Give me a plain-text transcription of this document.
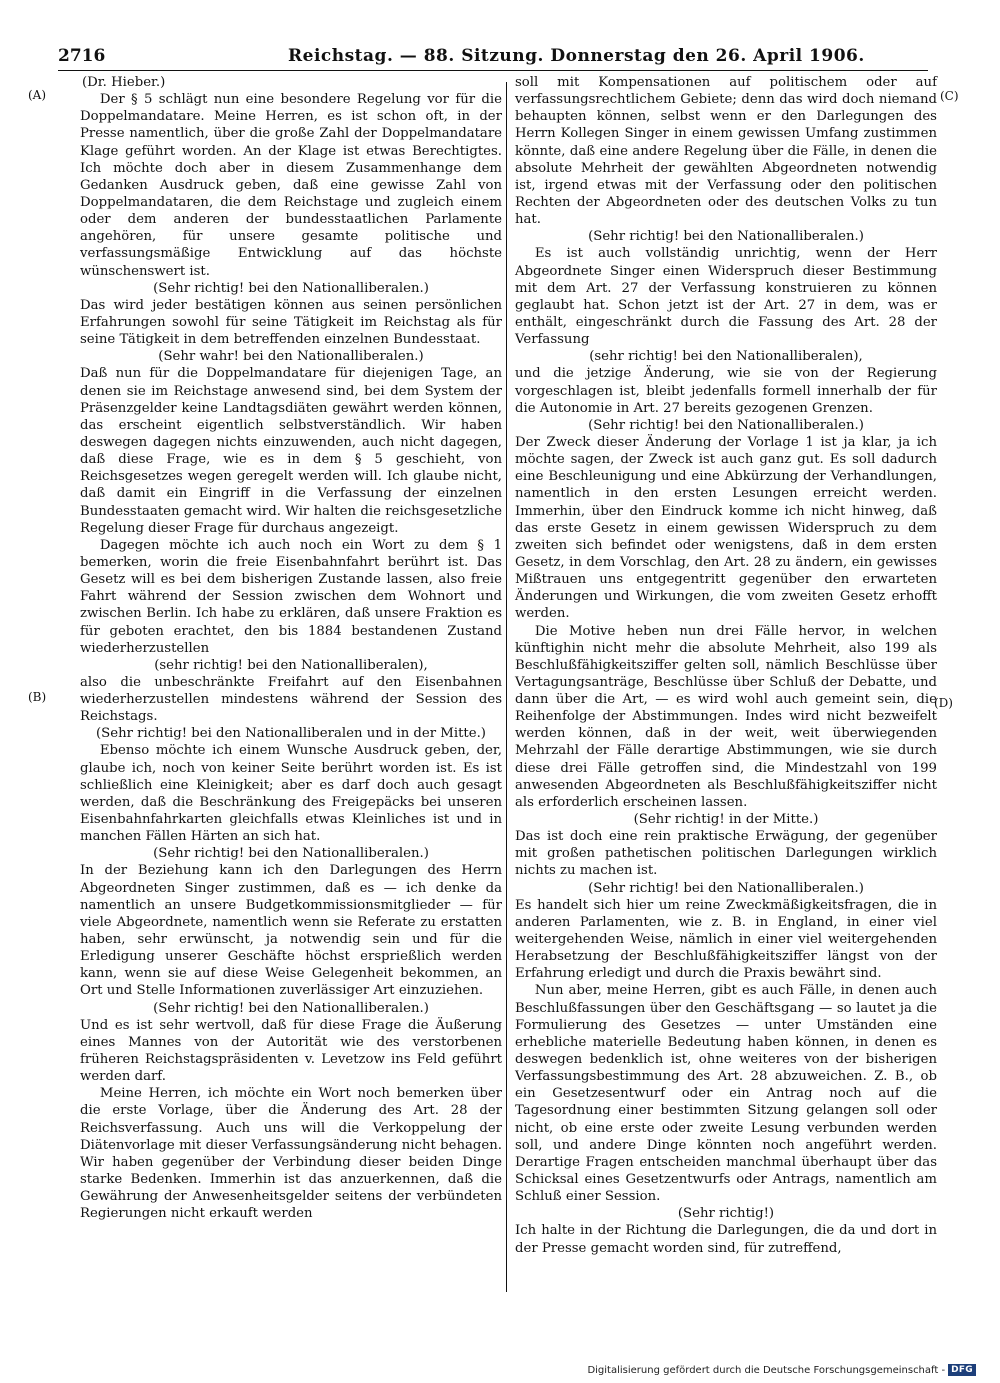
2716	Reichstag. — 88. Sitzung. Donnerstag den 26. April 1906.
(A)
(B)
(C)
(D)

(Dr. Hieber.)

Der § 5 schlägt nun eine besondere Regelung vor für die Doppelmandatare. Meine Herren, es ist schon oft, in der Presse namentlich, über die große Zahl der Doppelmandatare Klage geführt worden. An der Klage ist etwas Berechtigtes. Ich möchte doch aber in diesem Zusammenhange dem Gedanken Ausdruck geben, daß eine gewisse Zahl von Doppelmandataren, die dem Reichstage und zugleich einem oder dem anderen der bundesstaatlichen Parlamente angehören, für unsere gesamte politische und verfassungsmäßige Entwicklung auf das höchste wünschenswert ist.

(Sehr richtig! bei den Nationalliberalen.)

Das wird jeder bestätigen können aus seinen persönlichen Erfahrungen sowohl für seine Tätigkeit im Reichstag als für seine Tätigkeit in dem betreffenden einzelnen Bundesstaat.

(Sehr wahr! bei den Nationalliberalen.)

Daß nun für die Doppelmandatare für diejenigen Tage, an denen sie im Reichstage anwesend sind, bei dem System der Präsenzgelder keine Landtagsdiäten gewährt werden können, das erscheint eigentlich selbstverständlich. Wir haben deswegen dagegen nichts einzuwenden, auch nicht dagegen, daß diese Frage, wie es in dem § 5 geschieht, von Reichsgesetzes wegen geregelt werden will. Ich glaube nicht, daß damit ein Eingriff in die Verfassung der einzelnen Bundesstaaten gemacht wird. Wir halten die reichsgesetzliche Regelung dieser Frage für durchaus angezeigt.

Dagegen möchte ich auch noch ein Wort zu dem § 1 bemerken, worin die freie Eisenbahnfahrt berührt ist. Das Gesetz will es bei dem bisherigen Zustande lassen, also freie Fahrt während der Session zwischen dem Wohnort und zwischen Berlin. Ich habe zu erklären, daß unsere Fraktion es für geboten erachtet, den bis 1884 bestandenen Zustand wiederherzustellen

(sehr richtig! bei den Nationalliberalen),

also die unbeschränkte Freifahrt auf den Eisenbahnen wiederherzustellen mindestens während der Session des Reichstags.

(Sehr richtig! bei den Nationalliberalen und in der Mitte.)

Ebenso möchte ich einem Wunsche Ausdruck geben, der, glaube ich, noch von keiner Seite berührt worden ist. Es ist schließlich eine Kleinigkeit; aber es darf doch auch gesagt werden, daß die Beschränkung des Freigepäcks bei unseren Eisenbahnfahrkarten gleichfalls etwas Kleinliches ist und in manchen Fällen Härten an sich hat.

(Sehr richtig! bei den Nationalliberalen.)

In der Beziehung kann ich den Darlegungen des Herrn Abgeordneten Singer zustimmen, daß es — ich denke da namentlich an unsere Budgetkommissionsmitglieder — für viele Abgeordnete, namentlich wenn sie Referate zu erstatten haben, sehr erwünscht, ja notwendig sein und für die Erledigung unserer Geschäfte höchst ersprießlich werden kann, wenn sie auf diese Weise Gelegenheit bekommen, an Ort und Stelle Informationen zuverlässiger Art einzuziehen.

(Sehr richtig! bei den Nationalliberalen.)

Und es ist sehr wertvoll, daß für diese Frage die Äußerung eines Mannes von der Autorität wie des verstorbenen früheren Reichstagspräsidenten v. Levetzow ins Feld geführt werden darf.

Meine Herren, ich möchte ein Wort noch bemerken über die erste Vorlage, über die Änderung des Art. 28 der Reichsverfassung. Auch uns will die Verkoppelung der Diätenvorlage mit dieser Verfassungsänderung nicht behagen. Wir haben gegenüber der Verbindung dieser beiden Dinge starke Bedenken. Immerhin ist das anzuerkennen, daß die Gewährung der Anwesenheitsgelder seitens der verbündeten Regierungen nicht erkauft werden

soll mit Kompensationen auf politischem oder auf verfassungsrechtlichem Gebiete; denn das wird doch niemand behaupten können, selbst wenn er den Darlegungen des Herrn Kollegen Singer in einem gewissen Umfang zustimmen könnte, daß eine andere Regelung über die Fälle, in denen die absolute Mehrheit der gewählten Abgeordneten notwendig ist, irgend etwas mit der Verfassung oder den politischen Rechten der Abgeordneten oder des deutschen Volks zu tun hat.

(Sehr richtig! bei den Nationalliberalen.)

Es ist auch vollständig unrichtig, wenn der Herr Abgeordnete Singer einen Widerspruch dieser Bestimmung mit dem Art. 27 der Verfassung konstruieren zu können geglaubt hat. Schon jetzt ist der Art. 27 in dem, was er enthält, eingeschränkt durch die Fassung des Art. 28 der Verfassung

(sehr richtig! bei den Nationalliberalen),

und die jetzige Änderung, wie sie von der Regierung vorgeschlagen ist, bleibt jedenfalls formell innerhalb der für die Autonomie in Art. 27 bereits gezogenen Grenzen.

(Sehr richtig! bei den Nationalliberalen.)

Der Zweck dieser Änderung der Vorlage 1 ist ja klar, ja ich möchte sagen, der Zweck ist auch ganz gut. Es soll dadurch eine Beschleunigung und eine Abkürzung der Verhandlungen, namentlich in den ersten Lesungen erreicht werden. Immerhin, über den Eindruck komme ich nicht hinweg, daß das erste Gesetz in einem gewissen Widerspruch zu dem zweiten sich befindet oder wenigstens, daß in dem ersten Gesetz, in dem Vorschlag, den Art. 28 zu ändern, ein gewisses Mißtrauen uns entgegentritt gegenüber den erwarteten Änderungen und Wirkungen, die vom zweiten Gesetz erhofft werden.

Die Motive heben nun drei Fälle hervor, in welchen künftighin nicht mehr die absolute Mehrheit, also 199 als Beschlußfähigkeitsziffer gelten soll, nämlich Beschlüsse über Vertagungsanträge, Beschlüsse über Schluß der Debatte, und dann über die Art, — es wird wohl auch gemeint sein, die Reihenfolge der Abstimmungen. Indes wird nicht bezweifelt werden können, daß in der weit, weit überwiegenden Mehrzahl der Fälle derartige Abstimmungen, wie sie durch diese drei Fälle getroffen sind, die Mindestzahl von 199 anwesenden Abgeordneten als Beschlußfähigkeitsziffer nicht als erforderlich erscheinen lassen.

(Sehr richtig! in der Mitte.)

Das ist doch eine rein praktische Erwägung, der gegenüber mit großen pathetischen politischen Darlegungen wirklich nichts zu machen ist.

(Sehr richtig! bei den Nationalliberalen.)

Es handelt sich hier um reine Zweckmäßigkeitsfragen, die in anderen Parlamenten, wie z. B. in England, in einer viel weitergehenden Weise, nämlich in einer viel weitergehenden Herabsetzung der Beschlußfähigkeitsziffer längst von der Erfahrung erledigt und durch die Praxis bewährt sind.

Nun aber, meine Herren, gibt es auch Fälle, in denen auch Beschlußfassungen über den Geschäftsgang — so lautet ja die Formulierung des Gesetzes — unter Umständen eine erhebliche materielle Bedeutung haben können, in denen es deswegen bedenklich ist, ohne weiteres von der bisherigen Verfassungsbestimmung des Art. 28 abzuweichen. Z. B., ob ein Gesetzesentwurf oder ein Antrag noch auf die Tagesordnung einer bestimmten Sitzung gelangen soll oder nicht, ob eine erste oder zweite Lesung verbunden werden soll, und andere Dinge könnten noch angeführt werden. Derartige Fragen entscheiden manchmal überhaupt über das Schicksal eines Gesetzentwurfs oder Antrags, namentlich am Schluß einer Session.

(Sehr richtig!)

Ich halte in der Richtung die Darlegungen, die da und dort in der Presse gemacht worden sind, für zutreffend,

Digitalisierung gefördert durch die Deutsche Forschungsgemeinschaft - DFG
